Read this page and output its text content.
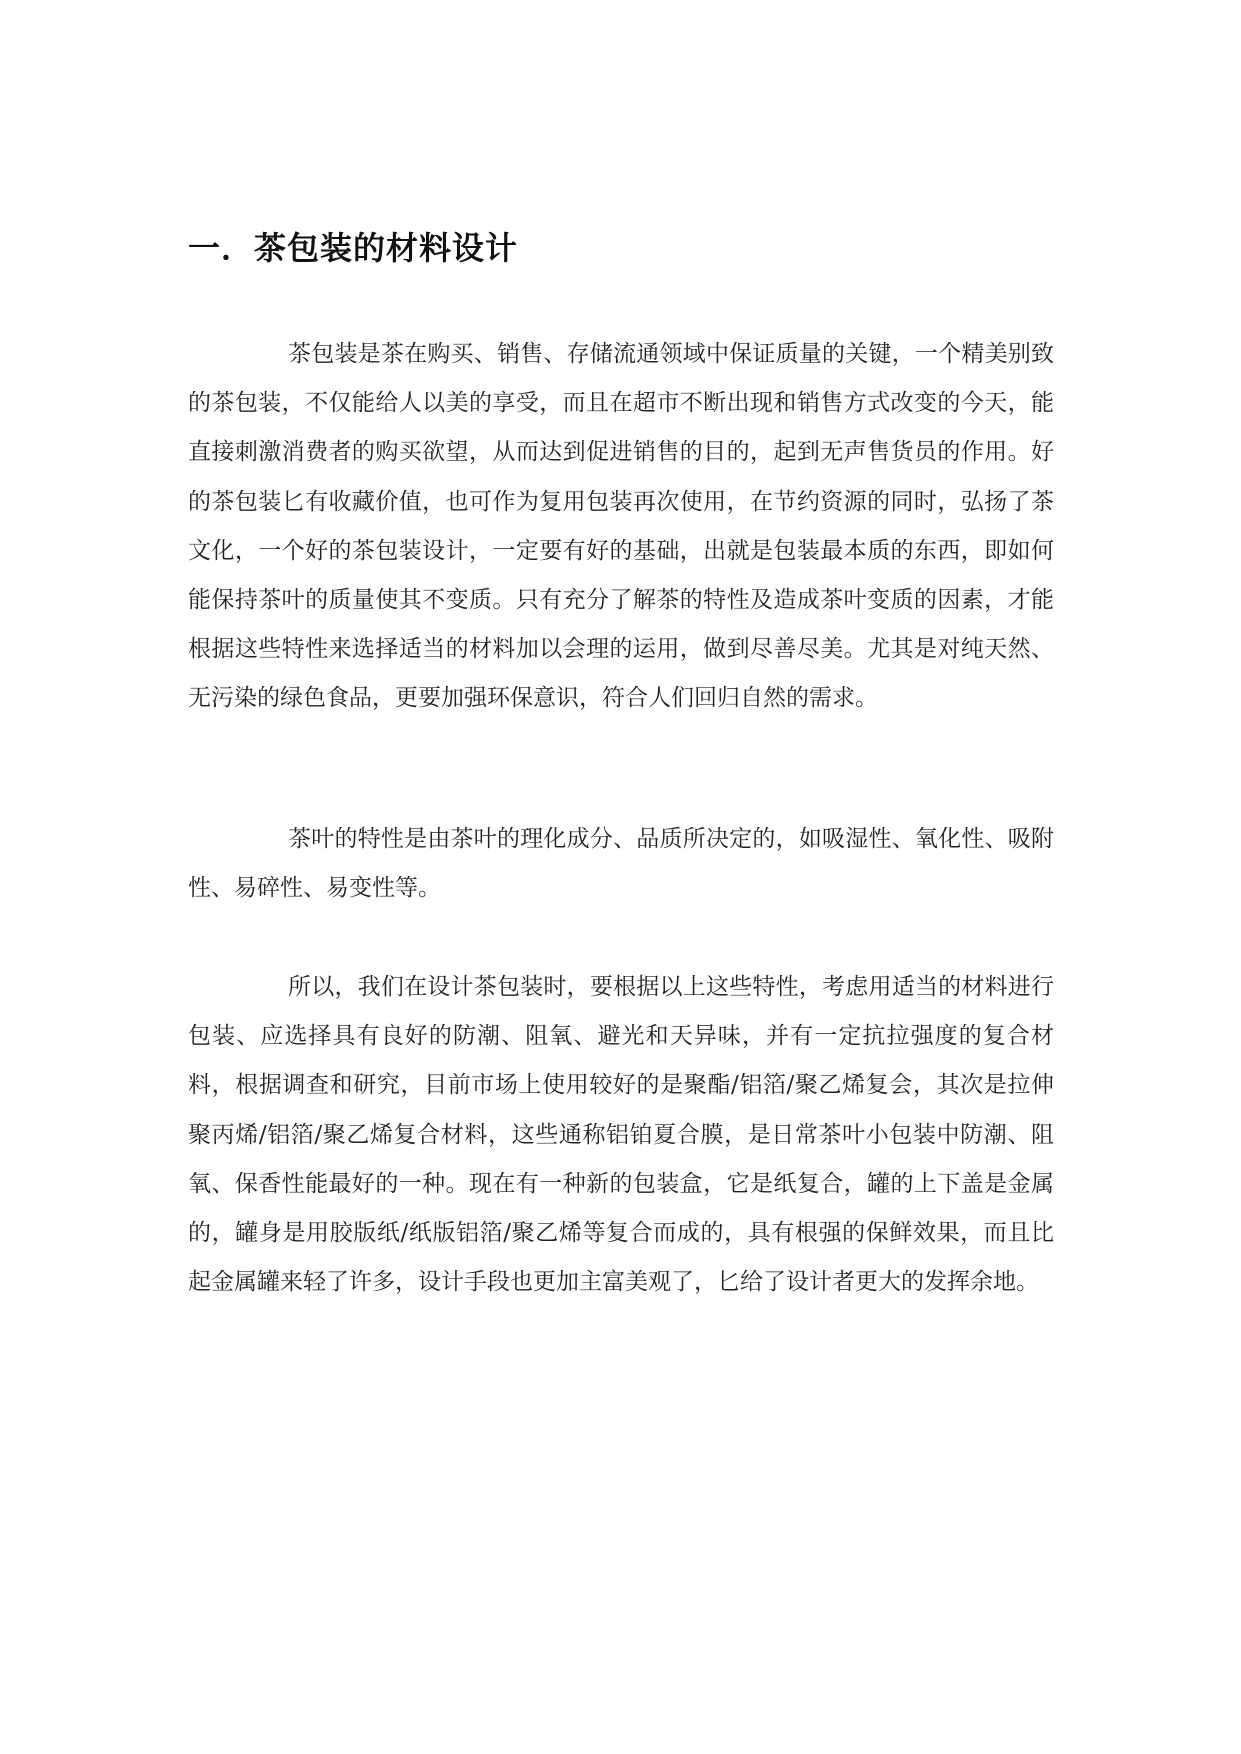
一．茶包装的材料设计

茶包装是茶在购买、销售、存储流通领域中保证质量的关键，一个精美别致的茶包装，不仅能给人以美的享受，而且在超市不断出现和销售方式改变的今天，能直接刺激消费者的购买欲望，从而达到促进销售的目的，起到无声售货员的作用。好的茶包装匕有收藏价值，也可作为复用包装再次使用，在节约资源的同时，弘扬了茶文化，一个好的茶包装设计，一定要有好的基础，出就是包装最本质的东西，即如何能保持茶叶的质量使其不变质。只有充分了解茶的特性及造成茶叶变质的因素，才能根据这些特性来选择适当的材料加以会理的运用，做到尽善尽美。尤其是对纯天然、无污染的绿色食品，更要加强环保意识，符合人们回归自然的需求。

茶叶的特性是由茶叶的理化成分、品质所决定的，如吸湿性、氧化性、吸附性、易碎性、易变性等。

所以，我们在设计茶包装时，要根据以上这些特性，考虑用适当的材料进行包装、应选择具有良好的防潮、阻氧、避光和天异味，并有一定抗拉强度的复合材料，根据调查和研究，目前市场上使用较好的是聚酯/铝箔/聚乙烯复会，其次是拉伸聚丙烯/铝箔/聚乙烯复合材料，这些通称铝铂夏合膜，是日常茶叶小包装中防潮、阻氧、保香性能最好的一种。现在有一种新的包装盒，它是纸复合，罐的上下盖是金属的，罐身是用胶版纸/纸版铝箔/聚乙烯等复合而成的，具有根强的保鲜效果，而且比起金属罐来轻了许多，设计手段也更加主富美观了，匕给了设计者更大的发挥余地。
